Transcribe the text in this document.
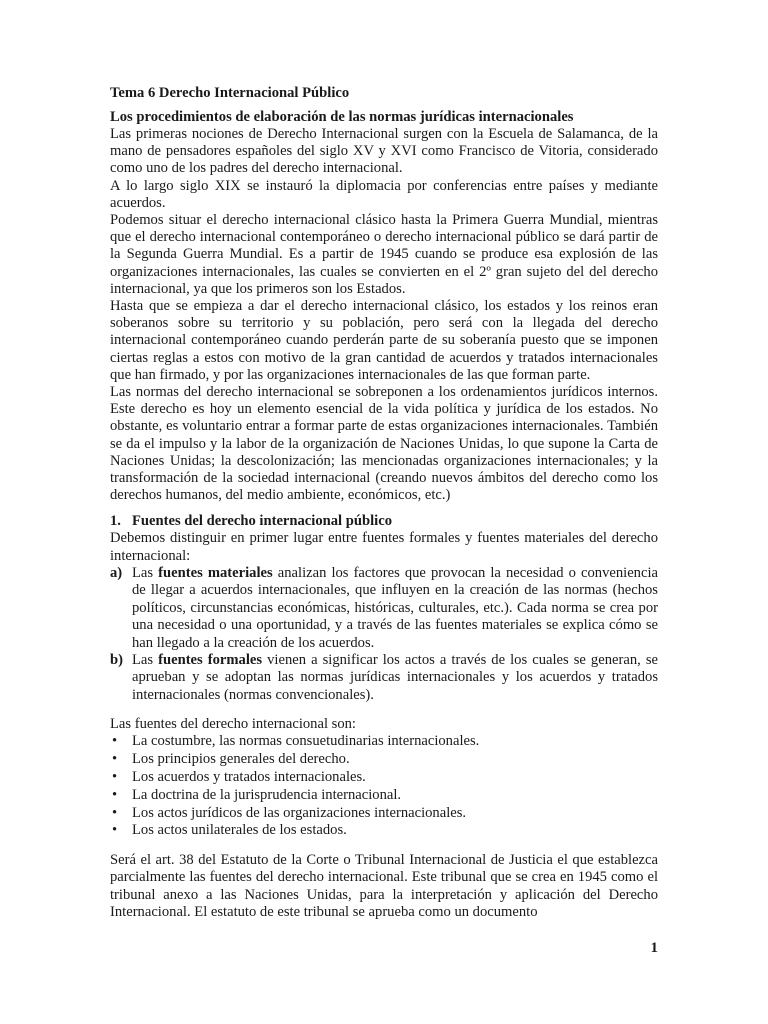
Tema 6 Derecho Internacional Público
Los procedimientos de elaboración de las normas jurídicas internacionales

Las primeras nociones de Derecho Internacional surgen con la Escuela de Salamanca, de la mano de pensadores españoles del siglo XV y XVI como Francisco de Vitoria, considerado como uno de los padres del derecho internacional.

A lo largo siglo XIX se instauró la diplomacia por conferencias entre países y mediante acuerdos.

Podemos situar el derecho internacional clásico hasta la Primera Guerra Mundial, mientras que el derecho internacional contemporáneo o derecho internacional público se dará partir de la Segunda Guerra Mundial. Es a partir de 1945 cuando se produce esa explosión de las organizaciones internacionales, las cuales se convierten en el 2º gran sujeto del del derecho internacional, ya que los primeros son los Estados.

Hasta que se empieza a dar el derecho internacional clásico, los estados y los reinos eran soberanos sobre su territorio y su población, pero será con la llegada del derecho internacional contemporáneo cuando perderán parte de su soberanía puesto que se imponen ciertas reglas a estos con motivo de la gran cantidad de acuerdos y tratados internacionales que han firmado, y por las organizaciones internacionales de las que forman parte.

Las normas del derecho internacional se sobreponen a los ordenamientos jurídicos internos. Este derecho es hoy un elemento esencial de la vida política y jurídica de los estados. No obstante, es voluntario entrar a formar parte de estas organizaciones internacionales. También se da el impulso y la labor de la organización de Naciones Unidas, lo que supone la Carta de Naciones Unidas; la descolonización; las mencionadas organizaciones internacionales; y la transformación de la sociedad internacional (creando nuevos ámbitos del derecho como los derechos humanos, del medio ambiente, económicos, etc.)

1. Fuentes del derecho internacional público

Debemos distinguir en primer lugar entre fuentes formales y fuentes materiales del derecho internacional:

a) Las fuentes materiales analizan los factores que provocan la necesidad o conveniencia de llegar a acuerdos internacionales, que influyen en la creación de las normas (hechos políticos, circunstancias económicas, históricas, culturales, etc.). Cada norma se crea por una necesidad o una oportunidad, y a través de las fuentes materiales se explica cómo se han llegado a la creación de los acuerdos.
b) Las fuentes formales vienen a significar los actos a través de los cuales se generan, se aprueban y se adoptan las normas jurídicas internacionales y los acuerdos y tratados internacionales (normas convencionales).

Las fuentes del derecho internacional son:

• La costumbre, las normas consuetudinarias internacionales.
• Los principios generales del derecho.
• Los acuerdos y tratados internacionales.
• La doctrina de la jurisprudencia internacional.
• Los actos jurídicos de las organizaciones internacionales.
• Los actos unilaterales de los estados.

Será el art. 38 del Estatuto de la Corte o Tribunal Internacional de Justicia el que establezca parcialmente las fuentes del derecho internacional. Este tribunal que se crea en 1945 como el tribunal anexo a las Naciones Unidas, para la interpretación y aplicación del Derecho Internacional. El estatuto de este tribunal se aprueba como un documento

1
